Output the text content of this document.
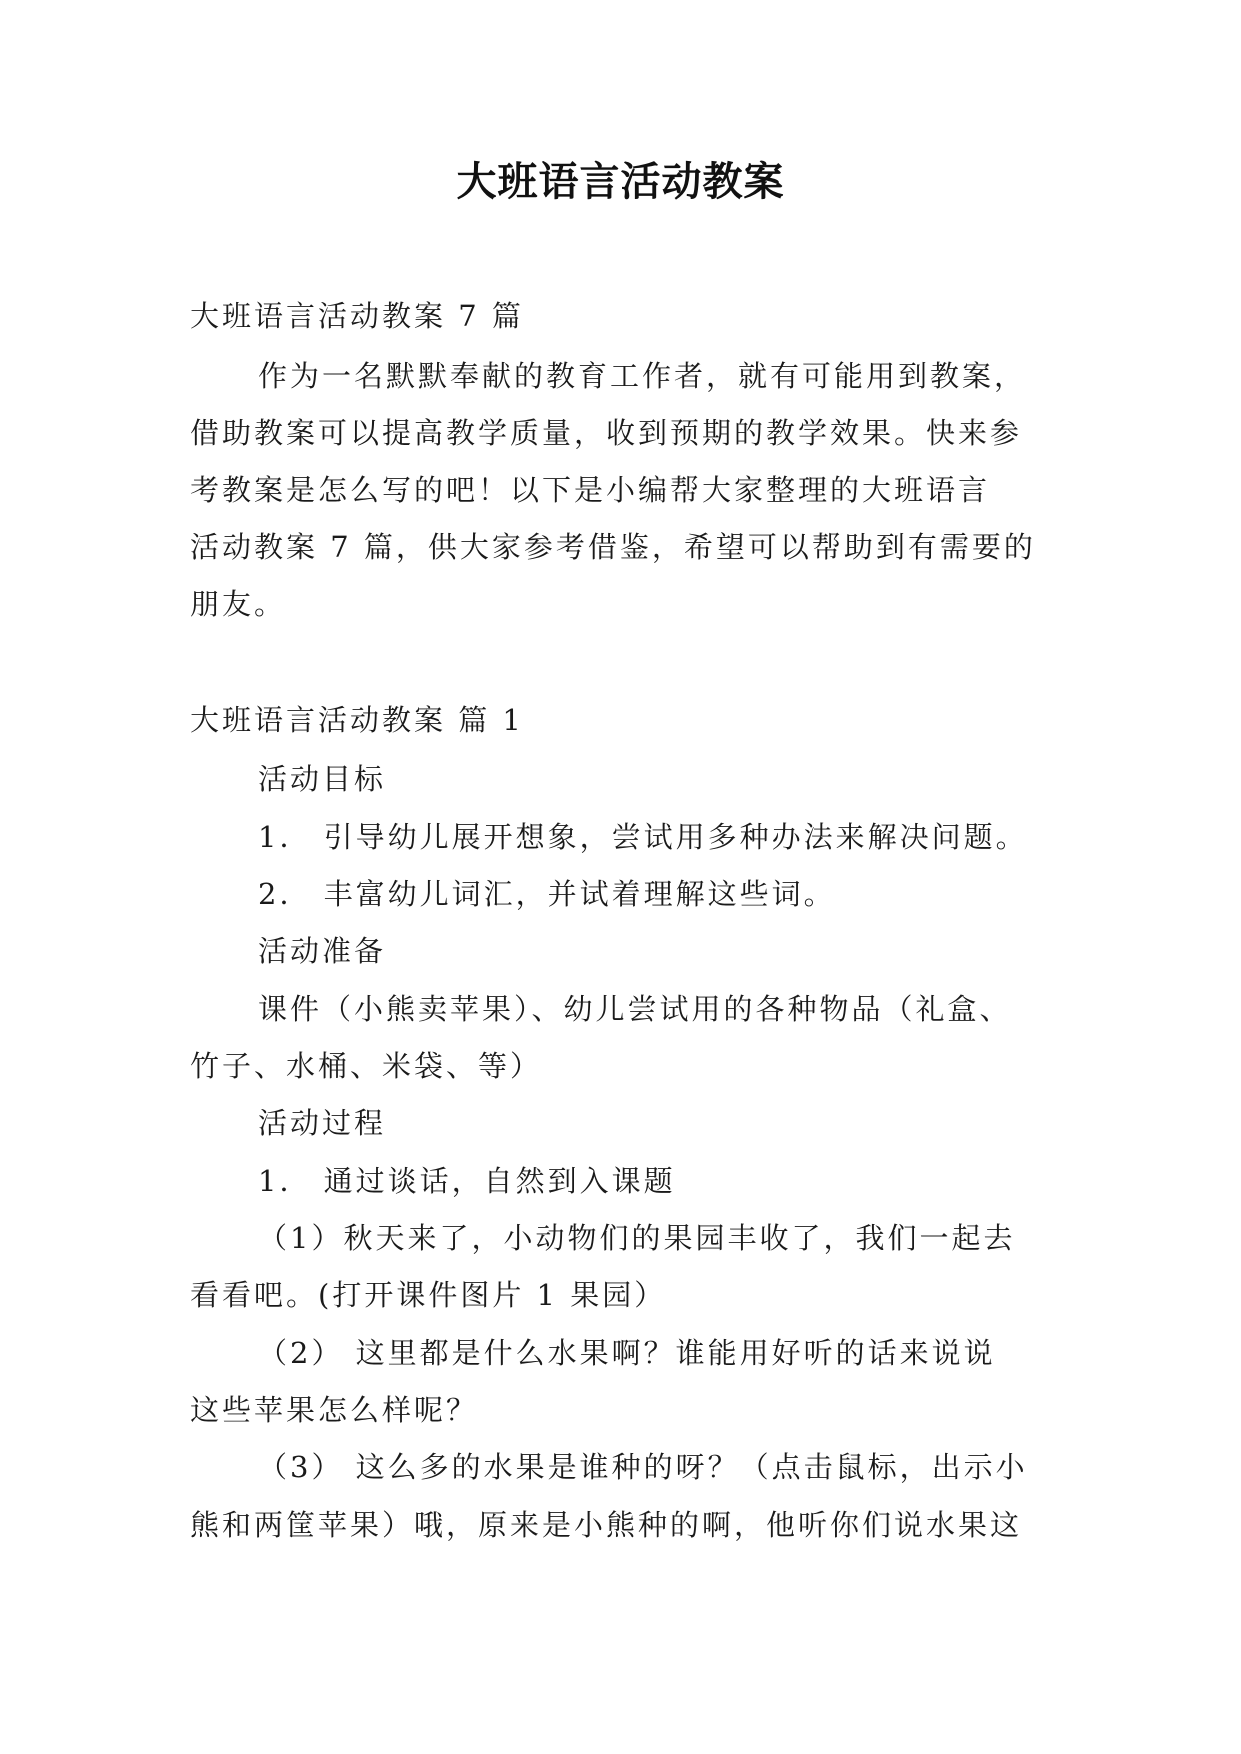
大班语言活动教案
大班语言活动教案 7 篇
作为一名默默奉献的教育工作者，就有可能用到教案，
借助教案可以提高教学质量，收到预期的教学效果。快来参
考教案是怎么写的吧！以下是小编帮大家整理的大班语言
活动教案 7 篇，供大家参考借鉴，希望可以帮助到有需要的
朋友。
大班语言活动教案 篇 1
活动目标
1． 引导幼儿展开想象，尝试用多种办法来解决问题。
2． 丰富幼儿词汇，并试着理解这些词。
活动准备
课件（小熊卖苹果）、幼儿尝试用的各种物品（礼盒、
竹子、水桶、米袋、等）
活动过程
1． 通过谈话，自然到入课题
（1）秋天来了，小动物们的果园丰收了，我们一起去
看看吧。(打开课件图片 1 果园）
（2） 这里都是什么水果啊？谁能用好听的话来说说
这些苹果怎么样呢？
（3） 这么多的水果是谁种的呀？（点击鼠标，出示小
熊和两筐苹果）哦，原来是小熊种的啊，他听你们说水果这
